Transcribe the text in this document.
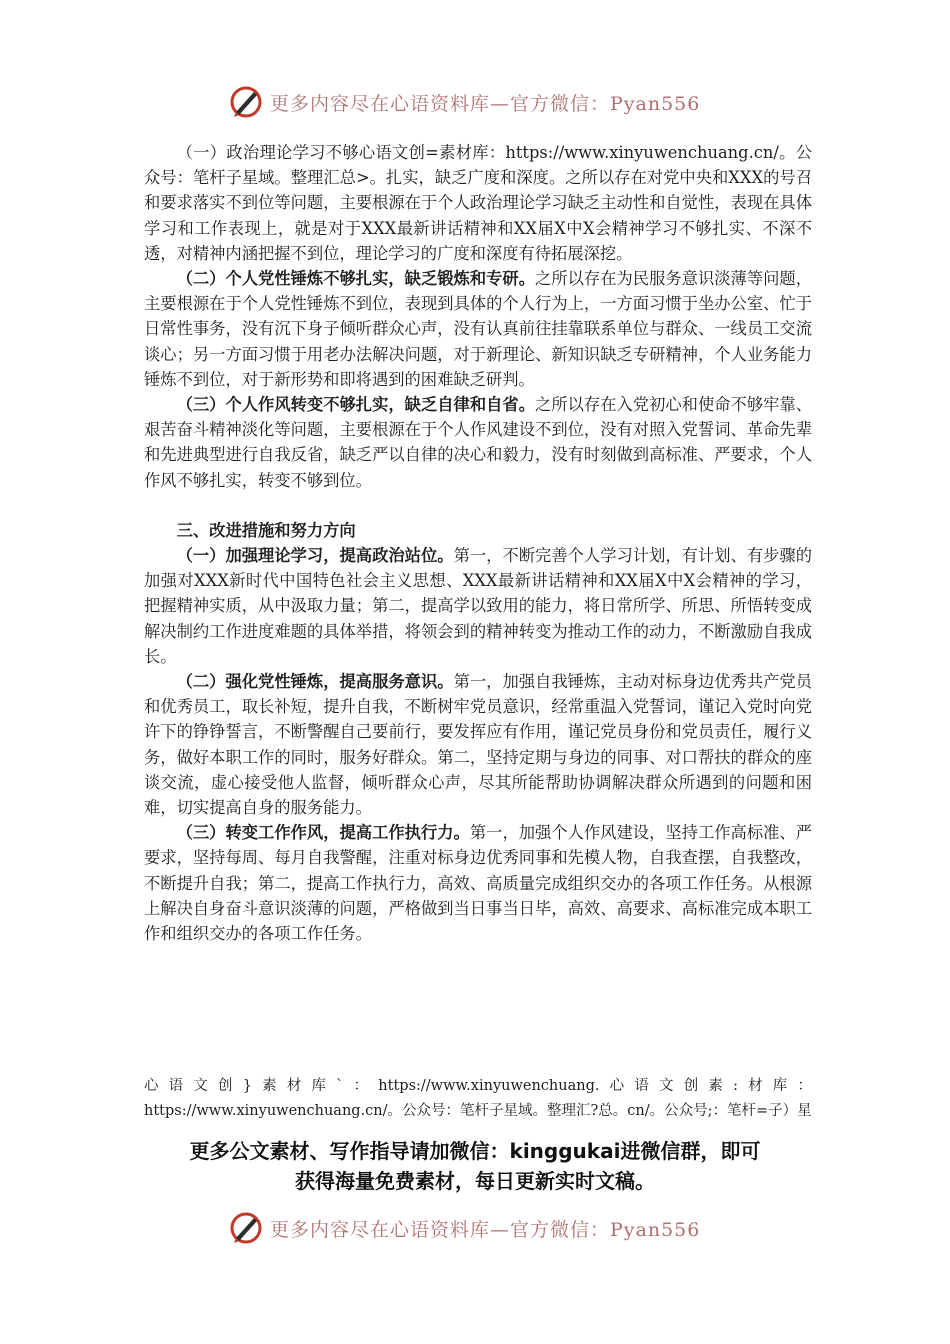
更多内容尽在心语资料库—官方微信：Pyan556

（一）政治理论学习不够心语文创=素材库：https://www.xinyuwenchuang.cn/。公众号：笔杆子星域。整理汇总>。扎实，缺乏广度和深度。之所以存在对党中央和XXX的号召和要求落实不到位等问题，主要根源在于个人政治理论学习缺乏主动性和自觉性，表现在具体学习和工作表现上，就是对于XXX最新讲话精神和XX届X中X会精神学习不够扎实、不深不透，对精神内涵把握不到位，理论学习的广度和深度有待拓展深挖。

（二）个人党性锤炼不够扎实，缺乏锻炼和专研。之所以存在为民服务意识淡薄等问题，主要根源在于个人党性锤炼不到位，表现到具体的个人行为上，一方面习惯于坐办公室、忙于日常性事务，没有沉下身子倾听群众心声，没有认真前往挂靠联系单位与群众、一线员工交流谈心；另一方面习惯于用老办法解决问题，对于新理论、新知识缺乏专研精神，个人业务能力锤炼不到位，对于新形势和即将遇到的困难缺乏研判。

（三）个人作风转变不够扎实，缺乏自律和自省。之所以存在入党初心和使命不够牢靠、艰苦奋斗精神淡化等问题，主要根源在于个人作风建设不到位，没有对照入党誓词、革命先辈和先进典型进行自我反省，缺乏严以自律的决心和毅力，没有时刻做到高标准、严要求，个人作风不够扎实，转变不够到位。

三、改进措施和努力方向

（一）加强理论学习，提高政治站位。第一，不断完善个人学习计划，有计划、有步骤的加强对XXX新时代中国特色社会主义思想、XXX最新讲话精神和XX届X中X会精神的学习，把握精神实质，从中汲取力量；第二，提高学以致用的能力，将日常所学、所思、所悟转变成解决制约工作进度难题的具体举措，将领会到的精神转变为推动工作的动力，不断激励自我成长。

（二）强化党性锤炼，提高服务意识。第一，加强自我锤炼，主动对标身边优秀共产党员和优秀员工，取长补短，提升自我，不断树牢党员意识，经常重温入党誓词，谨记入党时向党许下的铮铮誓言，不断警醒自己要前行，要发挥应有作用，谨记党员身份和党员责任，履行义务，做好本职工作的同时，服务好群众。第二，坚持定期与身边的同事、对口帮扶的群众的座谈交流，虚心接受他人监督，倾听群众心声，尽其所能帮助协调解决群众所遇到的问题和困难，切实提高自身的服务能力。

（三）转变工作作风，提高工作执行力。第一，加强个人作风建设，坚持工作高标准、严要求，坚持每周、每月自我警醒，注重对标身边优秀同事和先模人物，自我查摆，自我整改，不断提升自我；第二，提高工作执行力，高效、高质量完成组织交办的各项工作任务。从根源上解决自身奋斗意识淡薄的问题，严格做到当日事当日毕，高效、高要求、高标准完成本职工作和组织交办的各项工作任务。

心语文创}素材库`：https://www.xinyuwenchuang.心语文创素:材库：https://www.xinyuwenchuang.cn/。公众号：笔杆子星域。整理汇?总。cn/。公众号;：笔杆=子）星
更多公文素材、写作指导请加微信：kinggukai进微信群，即可
获得海量免费素材，每日更新实时文稿。
更多内容尽在心语资料库—官方微信：Pyan556
